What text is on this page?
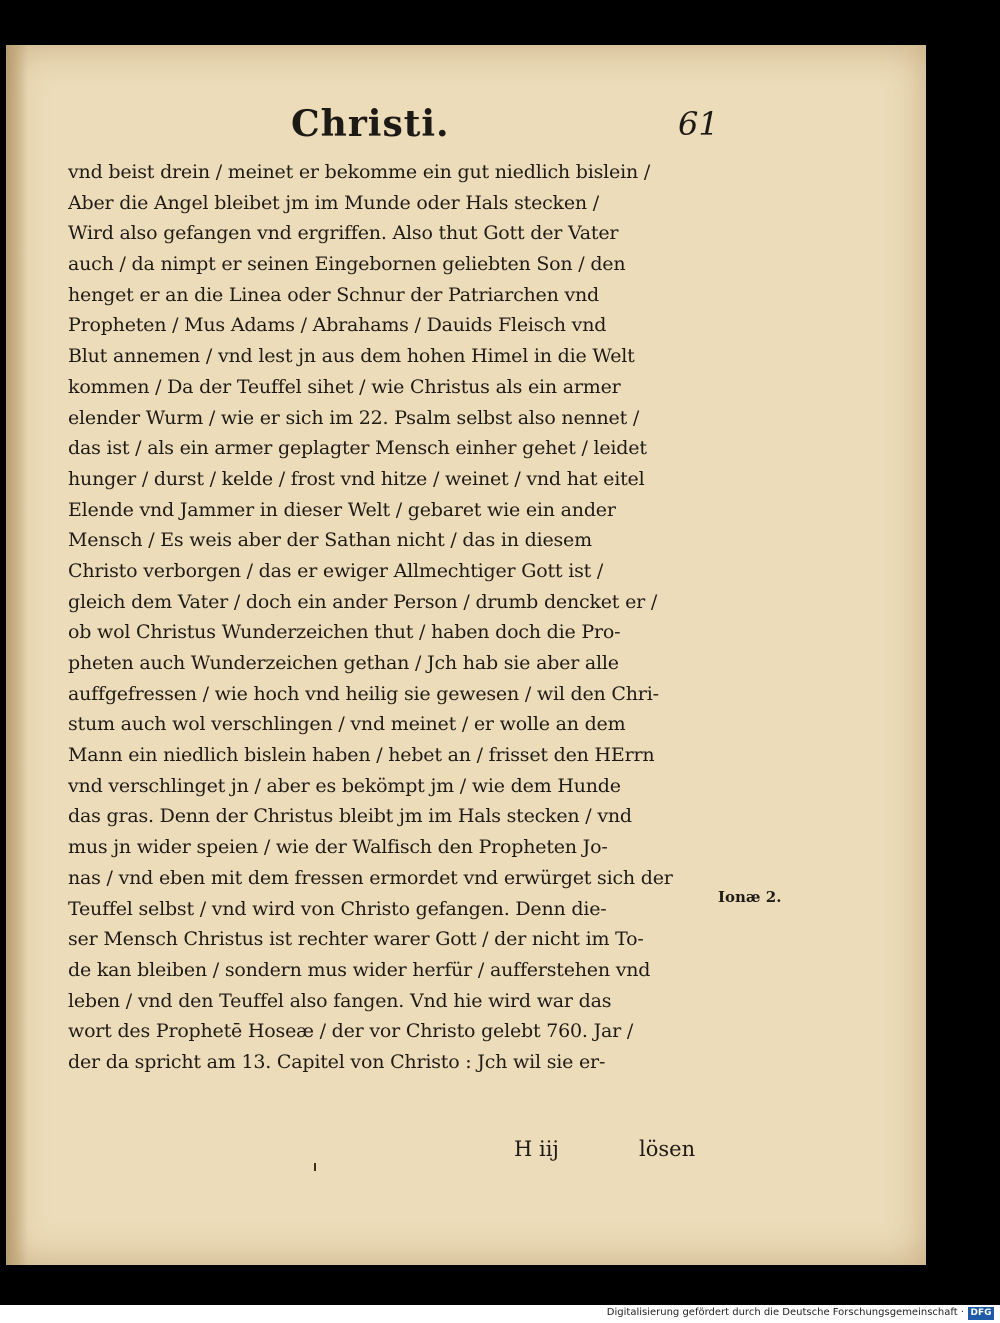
Christi.	61
vnd beist drein / meinet er bekomme ein gut niedlich bislein /
Aber die Angel bleibet jm im Munde oder Hals stecken /
Wird also gefangen vnd ergriffen. Also thut Gott der Vater
auch / da nimpt er seinen Eingebornen geliebten Son / den
henget er an die Linea oder Schnur der Patriarchen vnd
Propheten / Mus Adams / Abrahams / Dauids Fleisch vnd
Blut annemen / vnd lest jn aus dem hohen Himel in die Welt
kommen / Da der Teuffel sihet / wie Christus als ein armer
elender Wurm / wie er sich im 22. Psalm selbst also nennet /
das ist / als ein armer geplagter Mensch einher gehet / leidet
hunger / durst / kelde / frost vnd hitze / weinet / vnd hat eitel
Elende vnd Jammer in dieser Welt / gebaret wie ein ander
Mensch / Es weis aber der Sathan nicht / das in diesem
Christo verborgen / das er ewiger Allmechtiger Gott ist /
gleich dem Vater / doch ein ander Person / drumb dencket er /
ob wol Christus Wunderzeichen thut / haben doch die Pro-
pheten auch Wunderzeichen gethan / Jch hab sie aber alle
auffgefressen / wie hoch vnd heilig sie gewesen / wil den Chri-
stum auch wol verschlingen / vnd meinet / er wolle an dem
Mann ein niedlich bislein haben / hebet an / frisset den HErrn
vnd verschlinget jn / aber es bekömpt jm / wie dem Hunde
das gras. Denn der Christus bleibt jm im Hals stecken / vnd
mus jn wider speien / wie der Walfisch den Propheten Jo-
nas / vnd eben mit dem fressen ermordet vnd erwürget sich der
Teuffel selbst / vnd wird von Christo gefangen. Denn die-
ser Mensch Christus ist rechter warer Gott / der nicht im To-
de kan bleiben / sondern mus wider herfür / aufferstehen vnd
leben / vnd den Teuffel also fangen. Vnd hie wird war das
wort des Prophetē Hoseæ / der vor Christo gelebt 760. Jar /
der da spricht am 13. Capitel von Christo : Jch wil sie er-
Ionæ 2.
H iij	lösen
Digitalisierung gefördert durch die Deutsche Forschungsgemeinschaft · DFG
